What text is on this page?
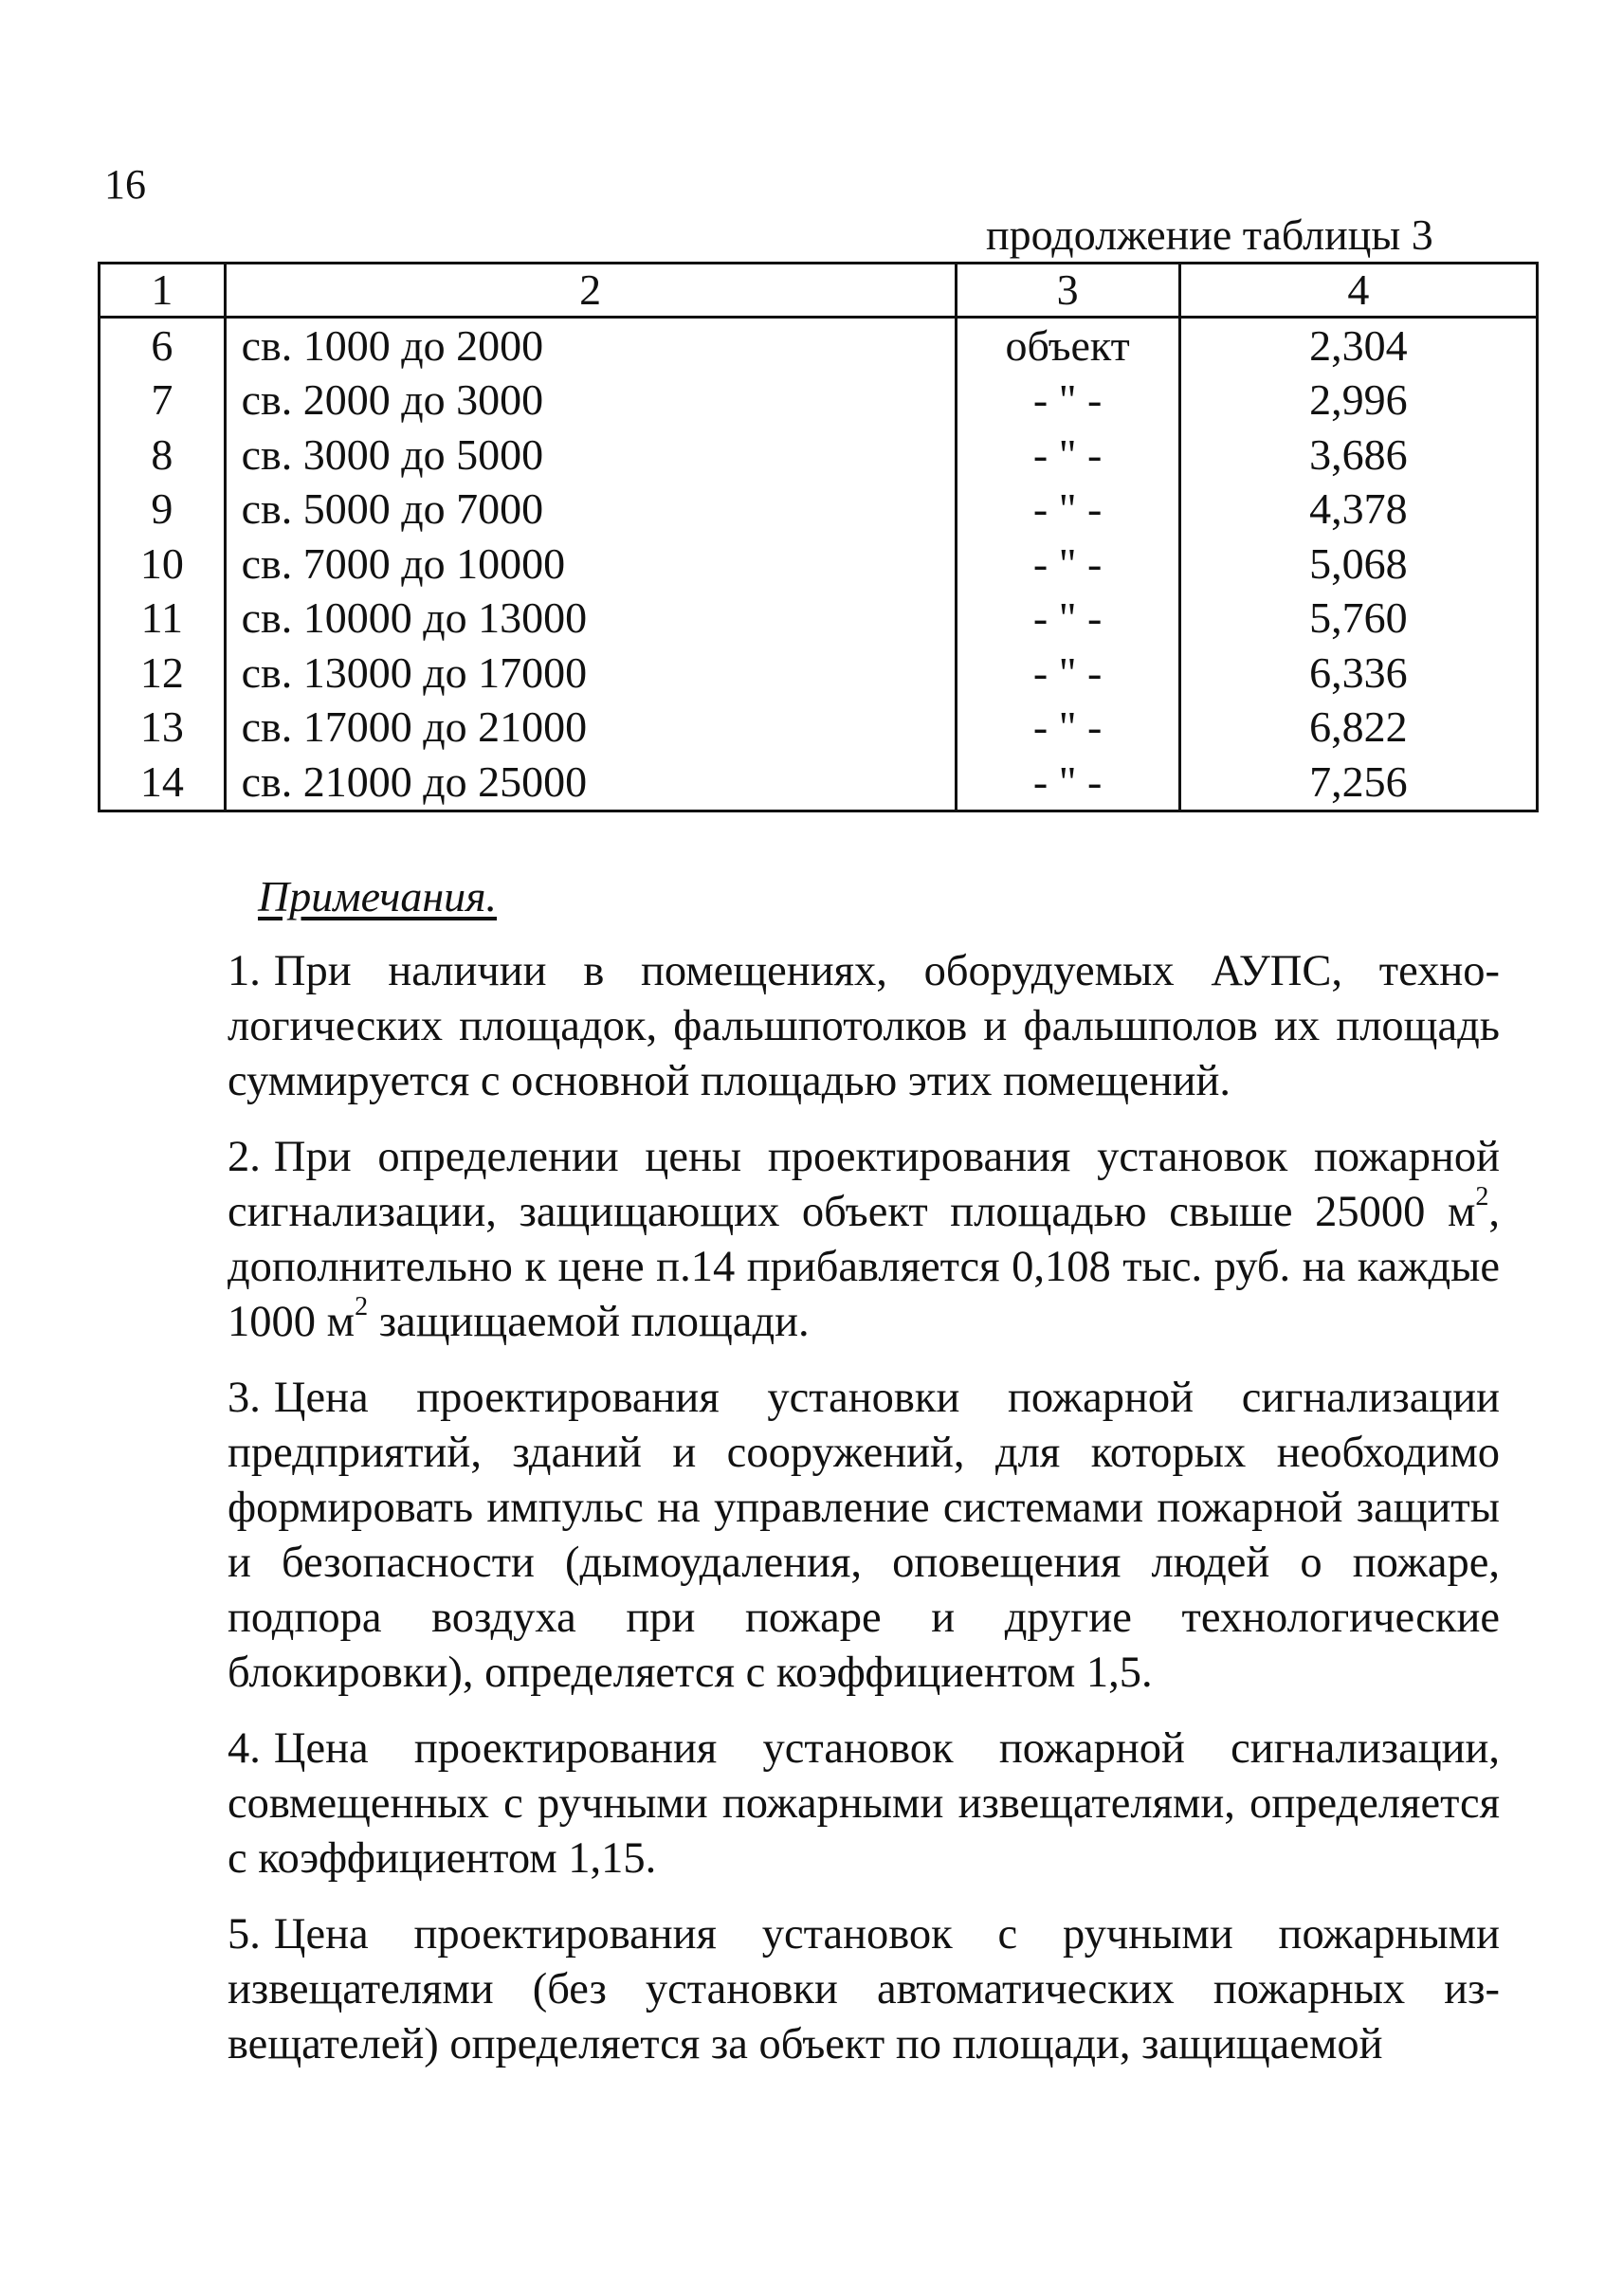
16
продолжение таблицы 3
1	2	3	4
6	св. 1000 до 2000	объект	2,304
7	св. 2000 до 3000	- " -	2,996
8	св. 3000 до 5000	- " -	3,686
9	св. 5000 до 7000	- " -	4,378
10	св. 7000 до 10000	- " -	5,068
11	св. 10000 до 13000	- " -	5,760
12	св. 13000 до 17000	- " -	6,336
13	св. 17000 до 21000	- " -	6,822
14	св. 21000 до 25000	- " -	7,256
Примечания.

1. При наличии в помещениях, оборудуемых АУПС, технологических площадок, фальшпотолков и фальшполов их площадь суммируется с основной площадью этих помещений.

2. При определении цены проектирования установок пожарной сигнализации, защищающих объект площадью свыше 25000 $м^2$, дополнительно к цене п.14 прибавляется 0,108 тыс. руб. на каждые 1000 $м^2$ защищаемой площади.

3. Цена проектирования установки пожарной сигнализации предприятий, зданий и сооружений, для которых необходимо формировать импульс на управление системами пожарной защиты и безопасности (дымоудаления, оповещения людей о пожаре, подпора воздуха при пожаре и другие технологические блокировки), определяется с коэффициентом 1,5.

4. Цена проектирования установок пожарной сигнализации, совмещенных с ручными пожарными извещателями, определяется с коэффициентом 1,15.

5. Цена проектирования установок с ручными пожарными извещателями (без установки автоматических пожарных извещателей) определяется за объект по площади, защищаемой
